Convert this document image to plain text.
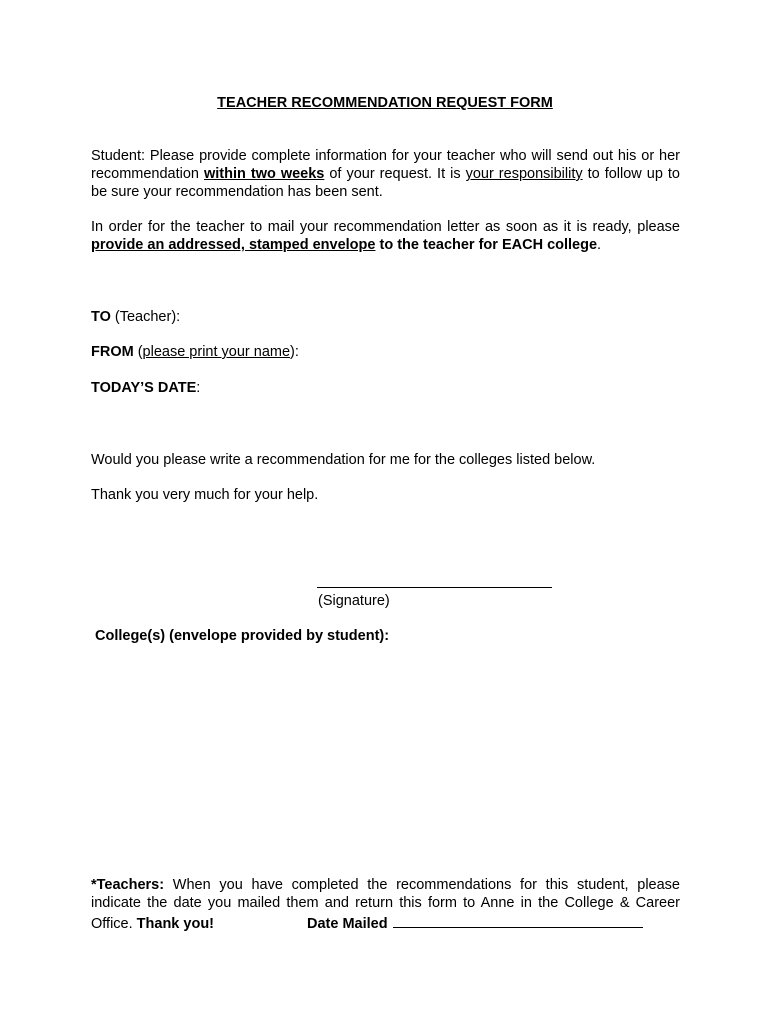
TEACHER RECOMMENDATION REQUEST FORM
Student: Please provide complete information for your teacher who will send out his or her recommendation within two weeks of your request. It is your responsibility to follow up to be sure your recommendation has been sent.
In order for the teacher to mail your recommendation letter as soon as it is ready, please provide an addressed, stamped envelope to the teacher for EACH college.
TO (Teacher):
FROM (please print your name):
TODAY’S DATE:
Would you please write a recommendation for me for the colleges listed below.
Thank you very much for your help.
(Signature)
College(s) (envelope provided by student):
*Teachers: When you have completed the recommendations for this student, please indicate the date you mailed them and return this form to Anne in the College & Career Office. Thank you!	Date Mailed
